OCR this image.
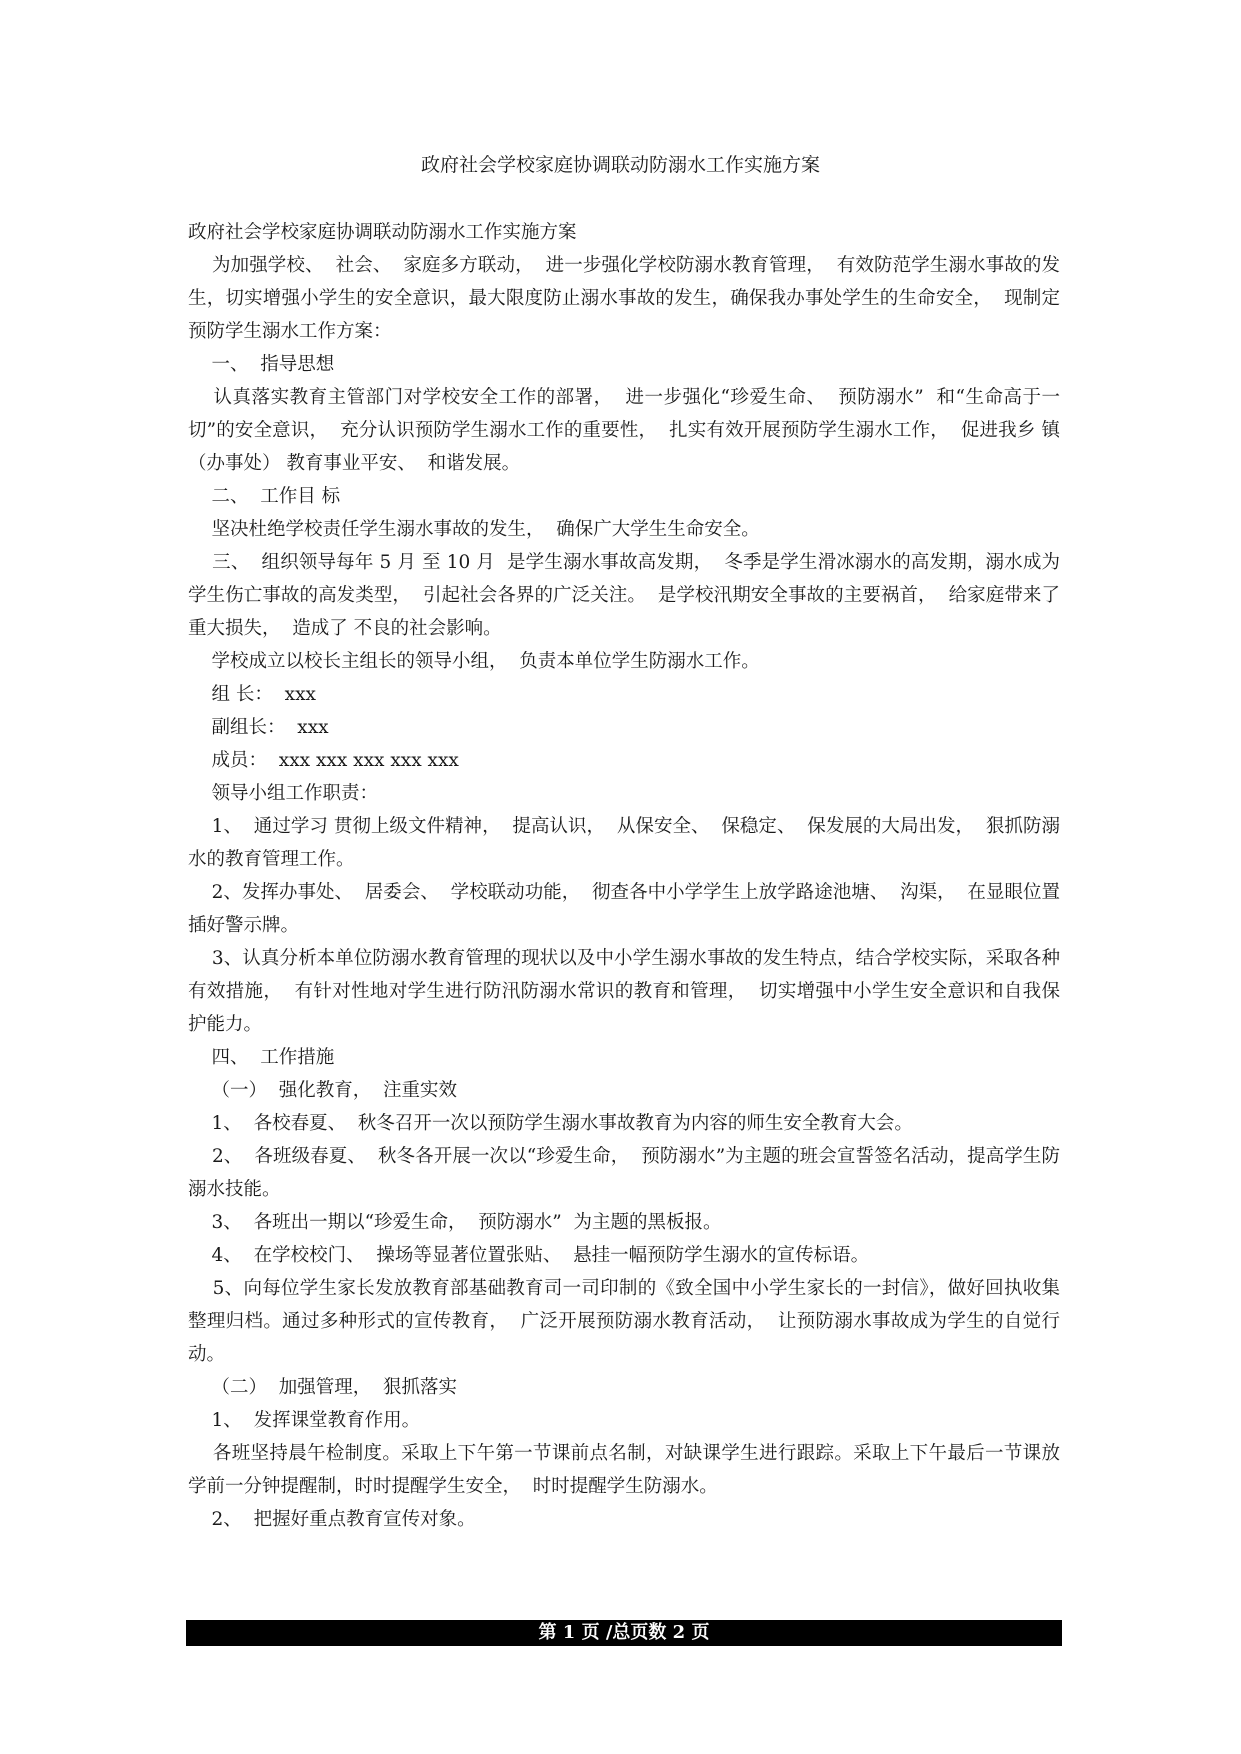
政府社会学校家庭协调联动防溺水工作实施方案

政府社会学校家庭协调联动防溺水工作实施方案

为加强学校、  社会、  家庭多方联动，  进一步强化学校防溺水教育管理，  有效防范学生溺水事故的发生，切实增强小学生的安全意识，最大限度防止溺水事故的发生，确保我办事处学生的生命安全，  现制定预防学生溺水工作方案：

一、  指导思想

认真落实教育主管部门对学校安全工作的部署，  进一步强化“珍爱生命、  预防溺水”  和“生命高于一切”的安全意识，  充分认识预防学生溺水工作的重要性，  扎实有效开展预防学生溺水工作，  促进我乡 镇（办事处） 教育事业平安、  和谐发展。

二、  工作目 标

坚决杜绝学校责任学生溺水事故的发生，  确保广大学生生命安全。

三、  组织领导每年 5 月 至 10 月  是学生溺水事故高发期，  冬季是学生滑冰溺水的高发期，溺水成为学生伤亡事故的高发类型，  引起社会各界的广泛关注。  是学校汛期安全事故的主要祸首，  给家庭带来了重大损失，  造成了 不良的社会影响。

学校成立以校长主组长的领导小组，  负责本单位学生防溺水工作。

组 长：  xxx

副组长：  xxx

成员：  xxx xxx xxx xxx xxx

领导小组工作职责：

1、  通过学习 贯彻上级文件精神，  提高认识，  从保安全、  保稳定、  保发展的大局出发，  狠抓防溺水的教育管理工作。

2、发挥办事处、  居委会、  学校联动功能，  彻查各中小学学生上放学路途池塘、  沟渠，  在显眼位置插好警示牌。

3、认真分析本单位防溺水教育管理的现状以及中小学生溺水事故的发生特点，结合学校实际，采取各种有效措施，  有针对性地对学生进行防汛防溺水常识的教育和管理，  切实增强中小学生安全意识和自我保护能力。

四、  工作措施

（一）  强化教育，  注重实效

1、  各校春夏、  秋冬召开一次以预防学生溺水事故教育为内容的师生安全教育大会。

2、  各班级春夏、  秋冬各开展一次以“珍爱生命，  预防溺水”为主题的班会宣誓签名活动，提高学生防溺水技能。

3、  各班出一期以“珍爱生命，  预防溺水”  为主题的黑板报。

4、  在学校校门、  操场等显著位置张贴、  悬挂一幅预防学生溺水的宣传标语。

5、向每位学生家长发放教育部基础教育司一司印制的《致全国中小学生家长的一封信》，做好回执收集整理归档。通过多种形式的宣传教育，  广泛开展预防溺水教育活动，  让预防溺水事故成为学生的自觉行动。

（二）  加强管理，  狠抓落实

1、  发挥课堂教育作用。

各班坚持晨午检制度。采取上下午第一节课前点名制，对缺课学生进行跟踪。采取上下午最后一节课放学前一分钟提醒制，时时提醒学生安全，  时时提醒学生防溺水。

2、  把握好重点教育宣传对象。

第 1 页 /总页数 2 页
